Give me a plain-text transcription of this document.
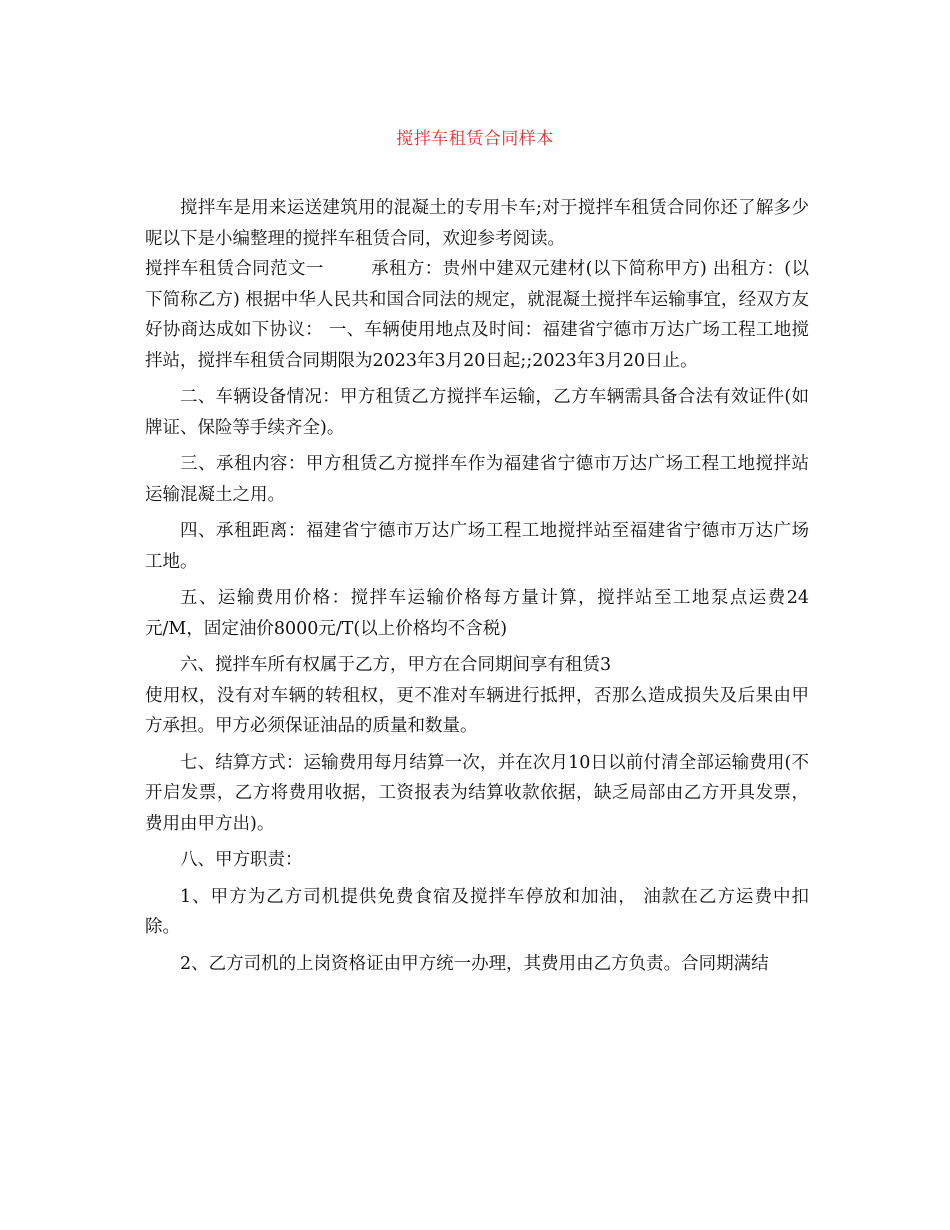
搅拌车租赁合同样本

搅拌车是用来运送建筑用的混凝土的专用卡车;对于搅拌车租赁合同你还了解多少呢以下是小编整理的搅拌车租赁合同，欢迎参考阅读。

搅拌车租赁合同范文一        承租方：贵州中建双元建材(以下简称甲方) 出租方：(以下简称乙方) 根据中华人民共和国合同法的规定，就混凝土搅拌车运输事宜，经双方友好协商达成如下协议： 一、车辆使用地点及时间：福建省宁德市万达广场工程工地搅拌站，搅拌车租赁合同期限为2023年3月20日起;;2023年3月20日止。

二、车辆设备情况：甲方租赁乙方搅拌车运输，乙方车辆需具备合法有效证件(如牌证、保险等手续齐全)。

三、承租内容：甲方租赁乙方搅拌车作为福建省宁德市万达广场工程工地搅拌站运输混凝土之用。

四、承租距离：福建省宁德市万达广场工程工地搅拌站至福建省宁德市万达广场工地。

五、运输费用价格：搅拌车运输价格每方量计算，搅拌站至工地泵点运费24元/M，固定油价8000元/T(以上价格均不含税)

六、搅拌车所有权属于乙方，甲方在合同期间享有租赁3

使用权，没有对车辆的转租权，更不准对车辆进行抵押，否那么造成损失及后果由甲方承担。甲方必须保证油品的质量和数量。

七、结算方式：运输费用每月结算一次，并在次月10日以前付清全部运输费用(不开启发票，乙方将费用收据，工资报表为结算收款依据，缺乏局部由乙方开具发票，费用由甲方出)。

八、甲方职责：

1、甲方为乙方司机提供免费食宿及搅拌车停放和加油， 油款在乙方运费中扣除。

2、乙方司机的上岗资格证由甲方统一办理，其费用由乙方负责。合同期满结
